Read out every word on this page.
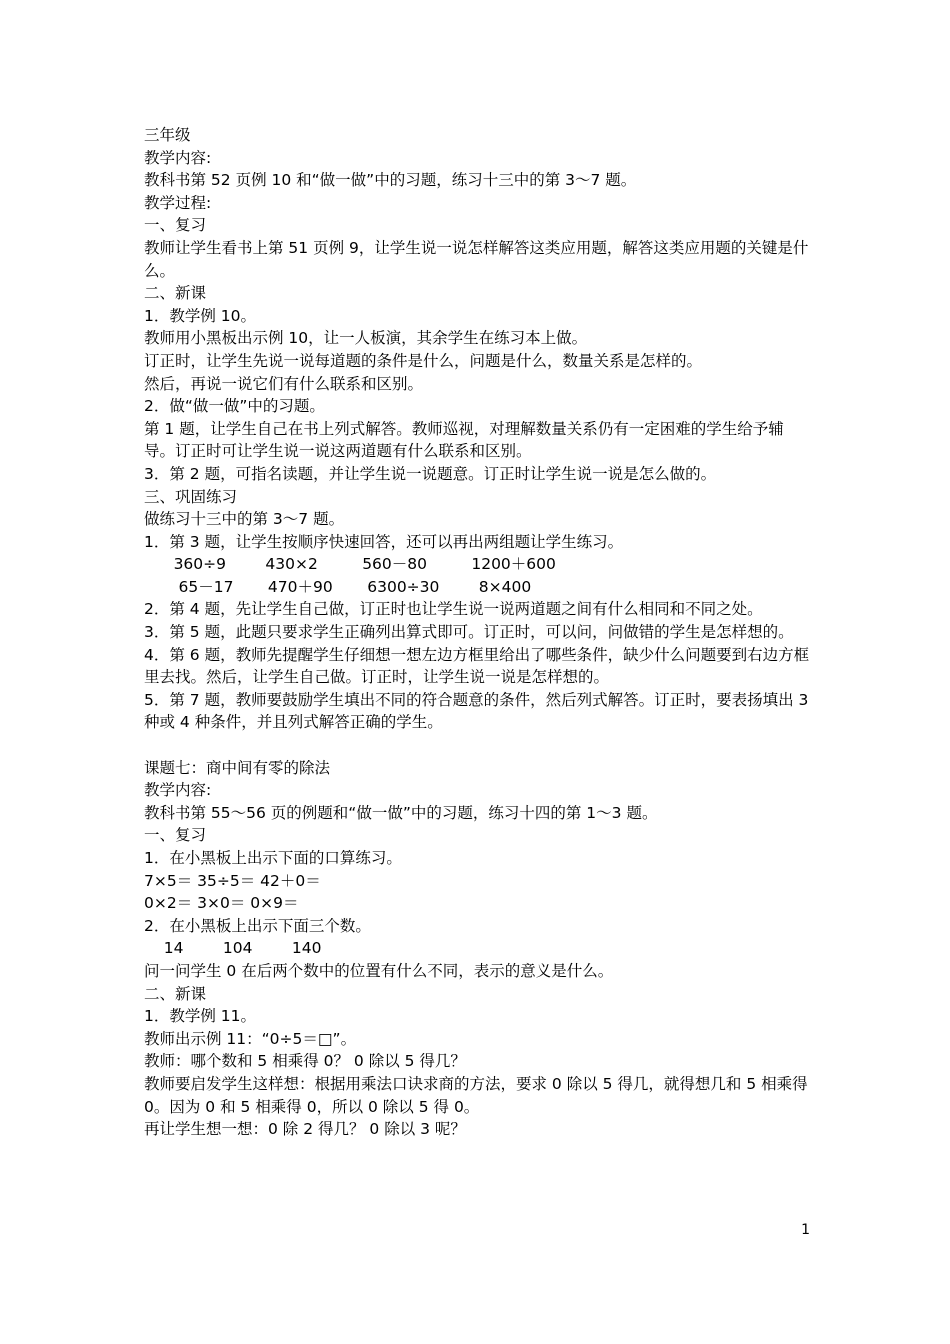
三年级

教学内容:

教科书第 52 页例 10 和“做一做”中的习题，练习十三中的第 3～7 题。

教学过程:

一、复习

教师让学生看书上第 51 页例 9，让学生说一说怎样解答这类应用题，解答这类应用题的关键是什么。

二、新课

1．教学例 10。

教师用小黑板出示例 10，让一人板演，其余学生在练习本上做。

订正时，让学生先说一说每道题的条件是什么，问题是什么，数量关系是怎样的。

然后，再说一说它们有什么联系和区别。

2．做“做一做”中的习题。

第 1 题，让学生自己在书上列式解答。教师巡视，对理解数量关系仍有一定困难的学生给予辅导。订正时可让学生说一说这两道题有什么联系和区别。

3．第 2 题，可指名读题，并让学生说一说题意。订正时让学生说一说是怎么做的。

三、巩固练习

做练习十三中的第 3～7 题。

1．第 3 题，让学生按顺序快速回答，还可以再出两组题让学生练习。

360÷9        430×2         560－80         1200＋600

65－17       470＋90       6300÷30        8×400

2．第 4 题，先让学生自己做，订正时也让学生说一说两道题之间有什么相同和不同之处。

3．第 5 题，此题只要求学生正确列出算式即可。订正时，可以问，问做错的学生是怎样想的。

4．第 6 题，教师先提醒学生仔细想一想左边方框里给出了哪些条件，缺少什么问题要到右边方框里去找。然后，让学生自己做。订正时，让学生说一说是怎样想的。

5．第 7 题，教师要鼓励学生填出不同的符合题意的条件，然后列式解答。订正时，要表扬填出 3 种或 4 种条件，并且列式解答正确的学生。

课题七：商中间有零的除法

教学内容:

教科书第 55～56 页的例题和“做一做”中的习题，练习十四的第 1～3 题。

一、复习

1．在小黑板上出示下面的口算练习。

7×5＝ 35÷5＝ 42＋0＝

0×2＝ 3×0＝ 0×9＝

2．在小黑板上出示下面三个数。

14        104        140

问一问学生 0 在后两个数中的位置有什么不同，表示的意义是什么。

二、新课

1．教学例 11。

教师出示例 11：“0÷5＝□”。

教师：哪个数和 5 相乘得 0？ 0 除以 5 得几？

教师要启发学生这样想：根据用乘法口诀求商的方法，要求 0 除以 5 得几，就得想几和 5 相乘得 0。因为 0 和 5 相乘得 0，所以 0 除以 5 得 0。

再让学生想一想：0 除 2 得几？ 0 除以 3 呢？

1
